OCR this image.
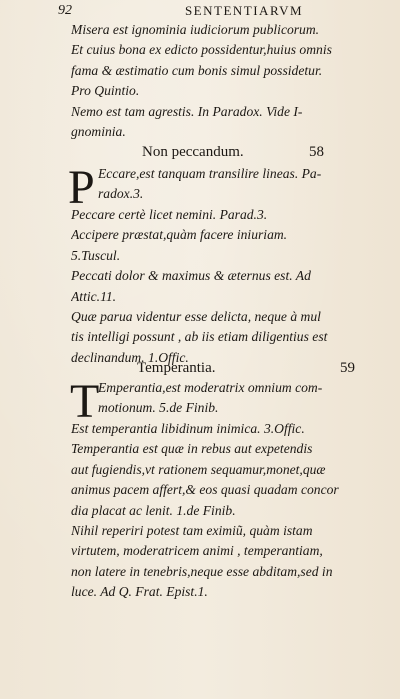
92	SENTENTIARVM
Misera est ignominia iudiciorum publicorum.
Et cuius bona ex edicto possidentur,huius omnis
fama & æstimatio cum bonis simul possidetur.
Pro Quintio.
Nemo est tam agrestis. In Paradox. Vide I-
gnominia.
Non peccandum.	58
P Eccare,est tanquam transilire lineas. Pa-
radox.3.
Peccare certè licet nemini. Parad.3.
Accipere præstat,quàm facere iniuriam.
5.Tuscul.
Peccati dolor & maximus & æternus est. Ad
Attic.11.
Quæ parua videntur esse delicta, neque à mul
tis intelligi possunt , ab iis etiam diligentius est
declinandum. 1.Offic.
Temperantia.	59
T
Emperantia,est moderatrix omnium com-
motionum. 5.de Finib.
Est temperantia libidinum inimica. 3.Offic.
Temperantia est quæ in rebus aut expetendis
aut fugiendis,vt rationem sequamur,monet,quæ
animus pacem affert,& eos quasi quadam concor
dia placat ac lenit. 1.de Finib.
Nihil reperiri potest tam eximiũ, quàm istam
virtutem, moderatricem animi , temperantiam,
non latere in tenebris,neque esse abditam,sed in
luce. Ad Q. Frat. Epist.1.
